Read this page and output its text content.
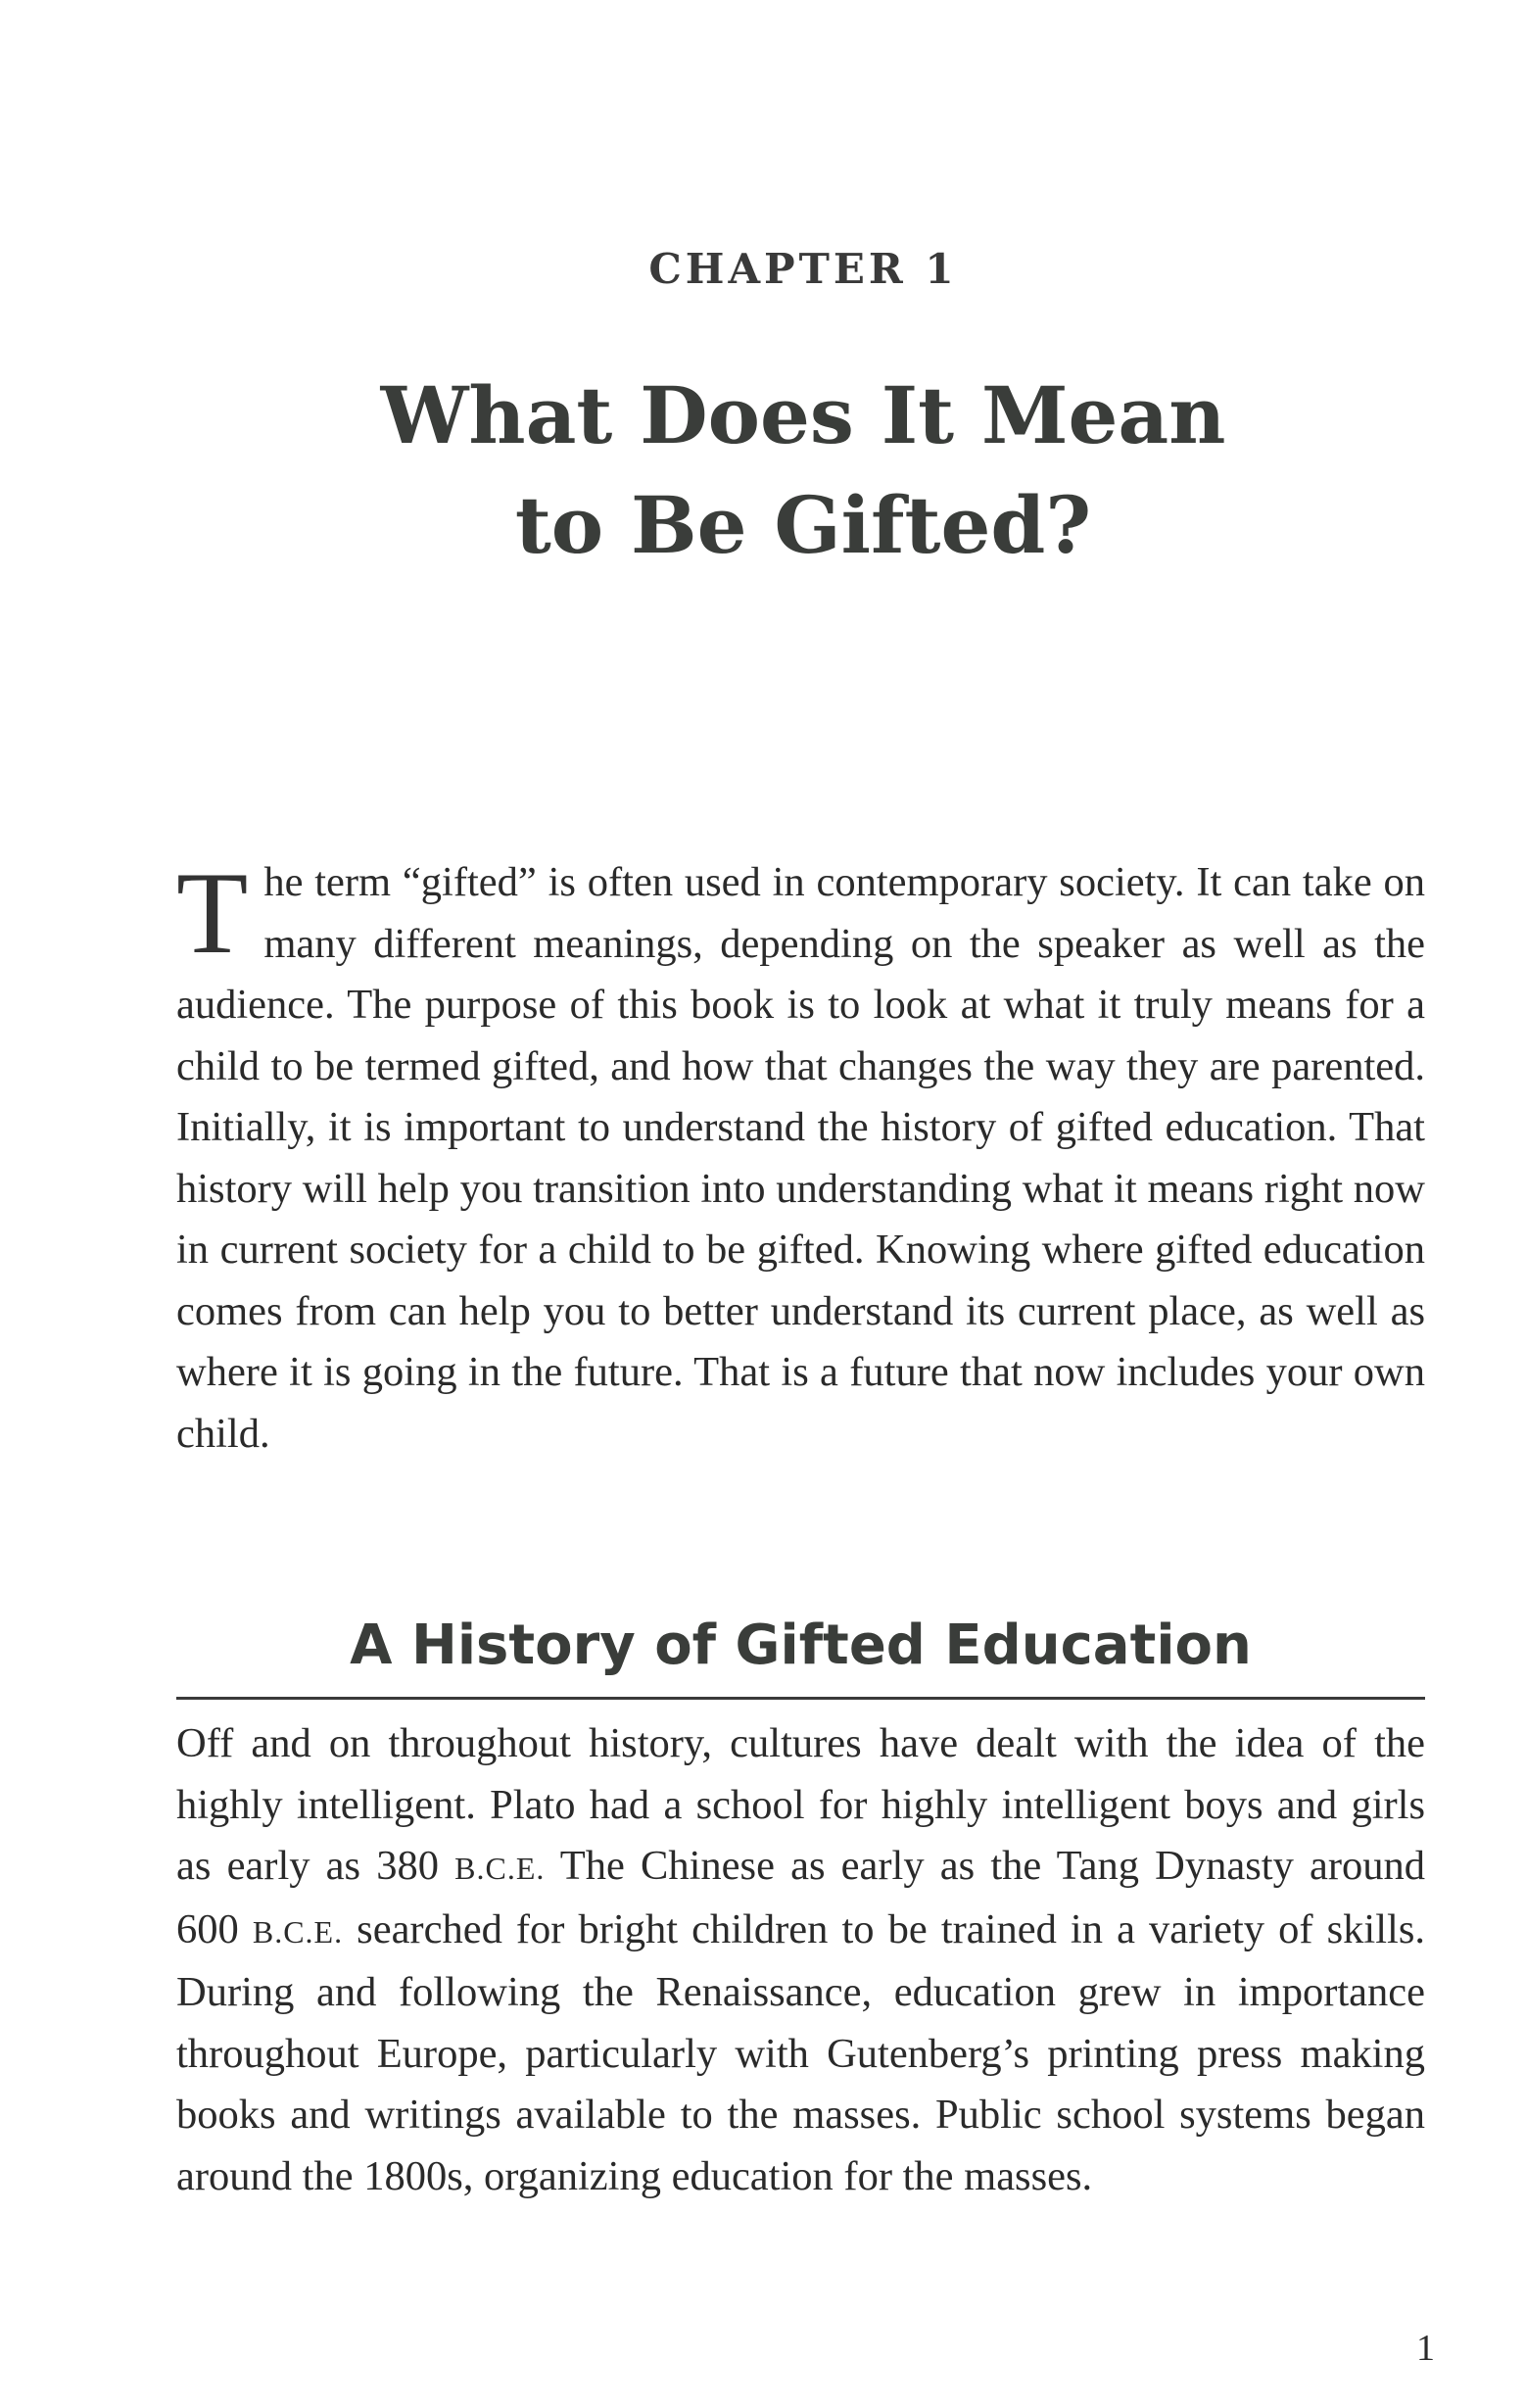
CHAPTER 1
What Does It Mean
to Be Gifted?

The term “gifted” is often used in contemporary society. It can take on many different meanings, depending on the speaker as well as the audience. The purpose of this book is to look at what it truly means for a child to be termed gifted, and how that changes the way they are parented. Initially, it is important to understand the history of gifted education. That history will help you transition into understanding what it means right now in current society for a child to be gifted. Knowing where gifted education comes from can help you to better understand its current place, as well as where it is going in the future. That is a future that now includes your own child.

A History of Gifted Education

Off and on throughout history, cultures have dealt with the idea of the highly intelligent. Plato had a school for highly intelligent boys and girls as early as 380 B.C.E. The Chinese as early as the Tang Dynasty around 600 B.C.E. searched for bright children to be trained in a variety of skills. During and following the Renaissance, education grew in importance throughout Europe, particularly with Gutenberg’s printing press making books and writings available to the masses. Public school systems began around the 1800s, organizing education for the masses.

1
